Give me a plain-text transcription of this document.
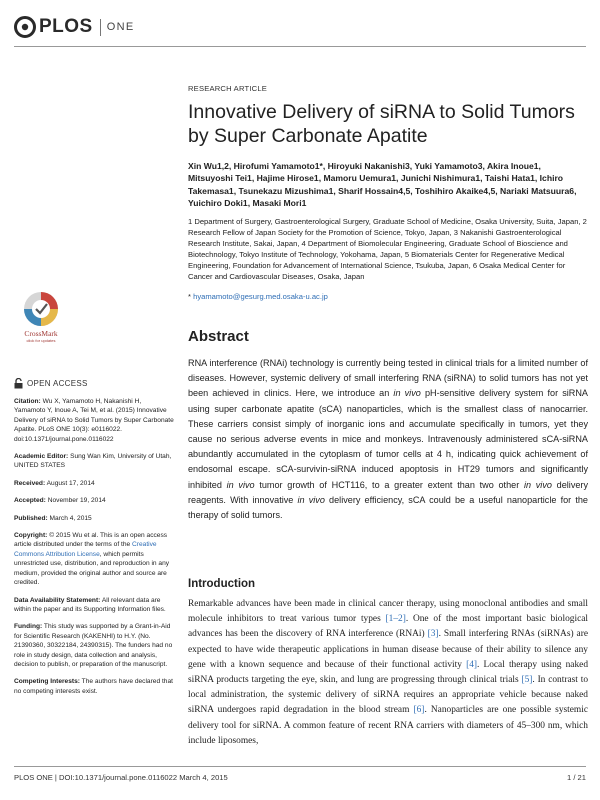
PLOS ONE
RESEARCH ARTICLE
Innovative Delivery of siRNA to Solid Tumors by Super Carbonate Apatite
Xin Wu1,2, Hirofumi Yamamoto1*, Hiroyuki Nakanishi3, Yuki Yamamoto3, Akira Inoue1, Mitsuyoshi Tei1, Hajime Hirose1, Mamoru Uemura1, Junichi Nishimura1, Taishi Hata1, Ichiro Takemasa1, Tsunekazu Mizushima1, Sharif Hossain4,5, Toshihiro Akaike4,5, Nariaki Matsuura6, Yuichiro Doki1, Masaki Mori1
1 Department of Surgery, Gastroenterological Surgery, Graduate School of Medicine, Osaka University, Suita, Japan, 2 Research Fellow of Japan Society for the Promotion of Science, Tokyo, Japan, 3 Nakanishi Gastroenterological Research Institute, Sakai, Japan, 4 Department of Biomolecular Engineering, Graduate School of Bioscience and Biotechnology, Tokyo Institute of Technology, Yokohama, Japan, 5 Biomaterials Center for Regenerative Medical Engineering, Foundation for Advancement of International Science, Tsukuba, Japan, 6 Osaka Medical Center for Cancer and Cardiovascular Diseases, Osaka, Japan
* hyamamoto@gesurg.med.osaka-u.ac.jp
CrossMark
click for updates
OPEN ACCESS

Citation: Wu X, Yamamoto H, Nakanishi H, Yamamoto Y, Inoue A, Tei M, et al. (2015) Innovative Delivery of siRNA to Solid Tumors by Super Carbonate Apatite. PLoS ONE 10(3): e0116022. doi:10.1371/journal.pone.0116022

Academic Editor: Sung Wan Kim, University of Utah, UNITED STATES

Received: August 17, 2014

Accepted: November 19, 2014

Published: March 4, 2015

Copyright: © 2015 Wu et al. This is an open access article distributed under the terms of the Creative Commons Attribution License, which permits unrestricted use, distribution, and reproduction in any medium, provided the original author and source are credited.

Data Availability Statement: All relevant data are within the paper and its Supporting Information files.

Funding: This study was supported by a Grant-in-Aid for Scientific Research (KAKENHI) to H.Y. (No. 21390360, 30322184, 24390315). The funders had no role in study design, data collection and analysis, decision to publish, or preparation of the manuscript.

Competing Interests: The authors have declared that no competing interests exist.

Abstract
RNA interference (RNAi) technology is currently being tested in clinical trials for a limited number of diseases. However, systemic delivery of small interfering RNA (siRNA) to solid tumors has not yet been achieved in clinics. Here, we introduce an in vivo pH-sensitive delivery system for siRNA using super carbonate apatite (sCA) nanoparticles, which is the smallest class of nanocarrier. These carriers consist simply of inorganic ions and accumulate specifically in tumors, yet they cause no serious adverse events in mice and monkeys. Intravenously administered sCA-siRNA abundantly accumulated in the cytoplasm of tumor cells at 4 h, indicating quick achievement of endosomal escape. sCA-survivin-siRNA induced apoptosis in HT29 tumors and significantly inhibited in vivo tumor growth of HCT116, to a greater extent than two other in vivo delivery reagents. With innovative in vivo delivery efficiency, sCA could be a useful nanoparticle for the therapy of solid tumors.
Introduction
Remarkable advances have been made in clinical cancer therapy, using monoclonal antibodies and small molecule inhibitors to treat various tumor types [1–2]. One of the most important basic biological advances has been the discovery of RNA interference (RNAi) [3]. Small interfering RNAs (siRNAs) are expected to have wide therapeutic applications in human disease because of their ability to silence any gene with a known sequence and because of their functional activity [4]. Local therapy using naked siRNA products targeting the eye, skin, and lung are progressing through clinical trials [5]. In contrast to local administration, the systemic delivery of siRNA requires an appropriate vehicle because naked siRNA undergoes rapid degradation in the blood stream [6]. Nanoparticles are one possible systemic delivery tool for siRNA. A common feature of recent RNA carriers with diameters of 45–300 nm, which include liposomes,
PLOS ONE | DOI:10.1371/journal.pone.0116022 March 4, 2015	1 / 21
